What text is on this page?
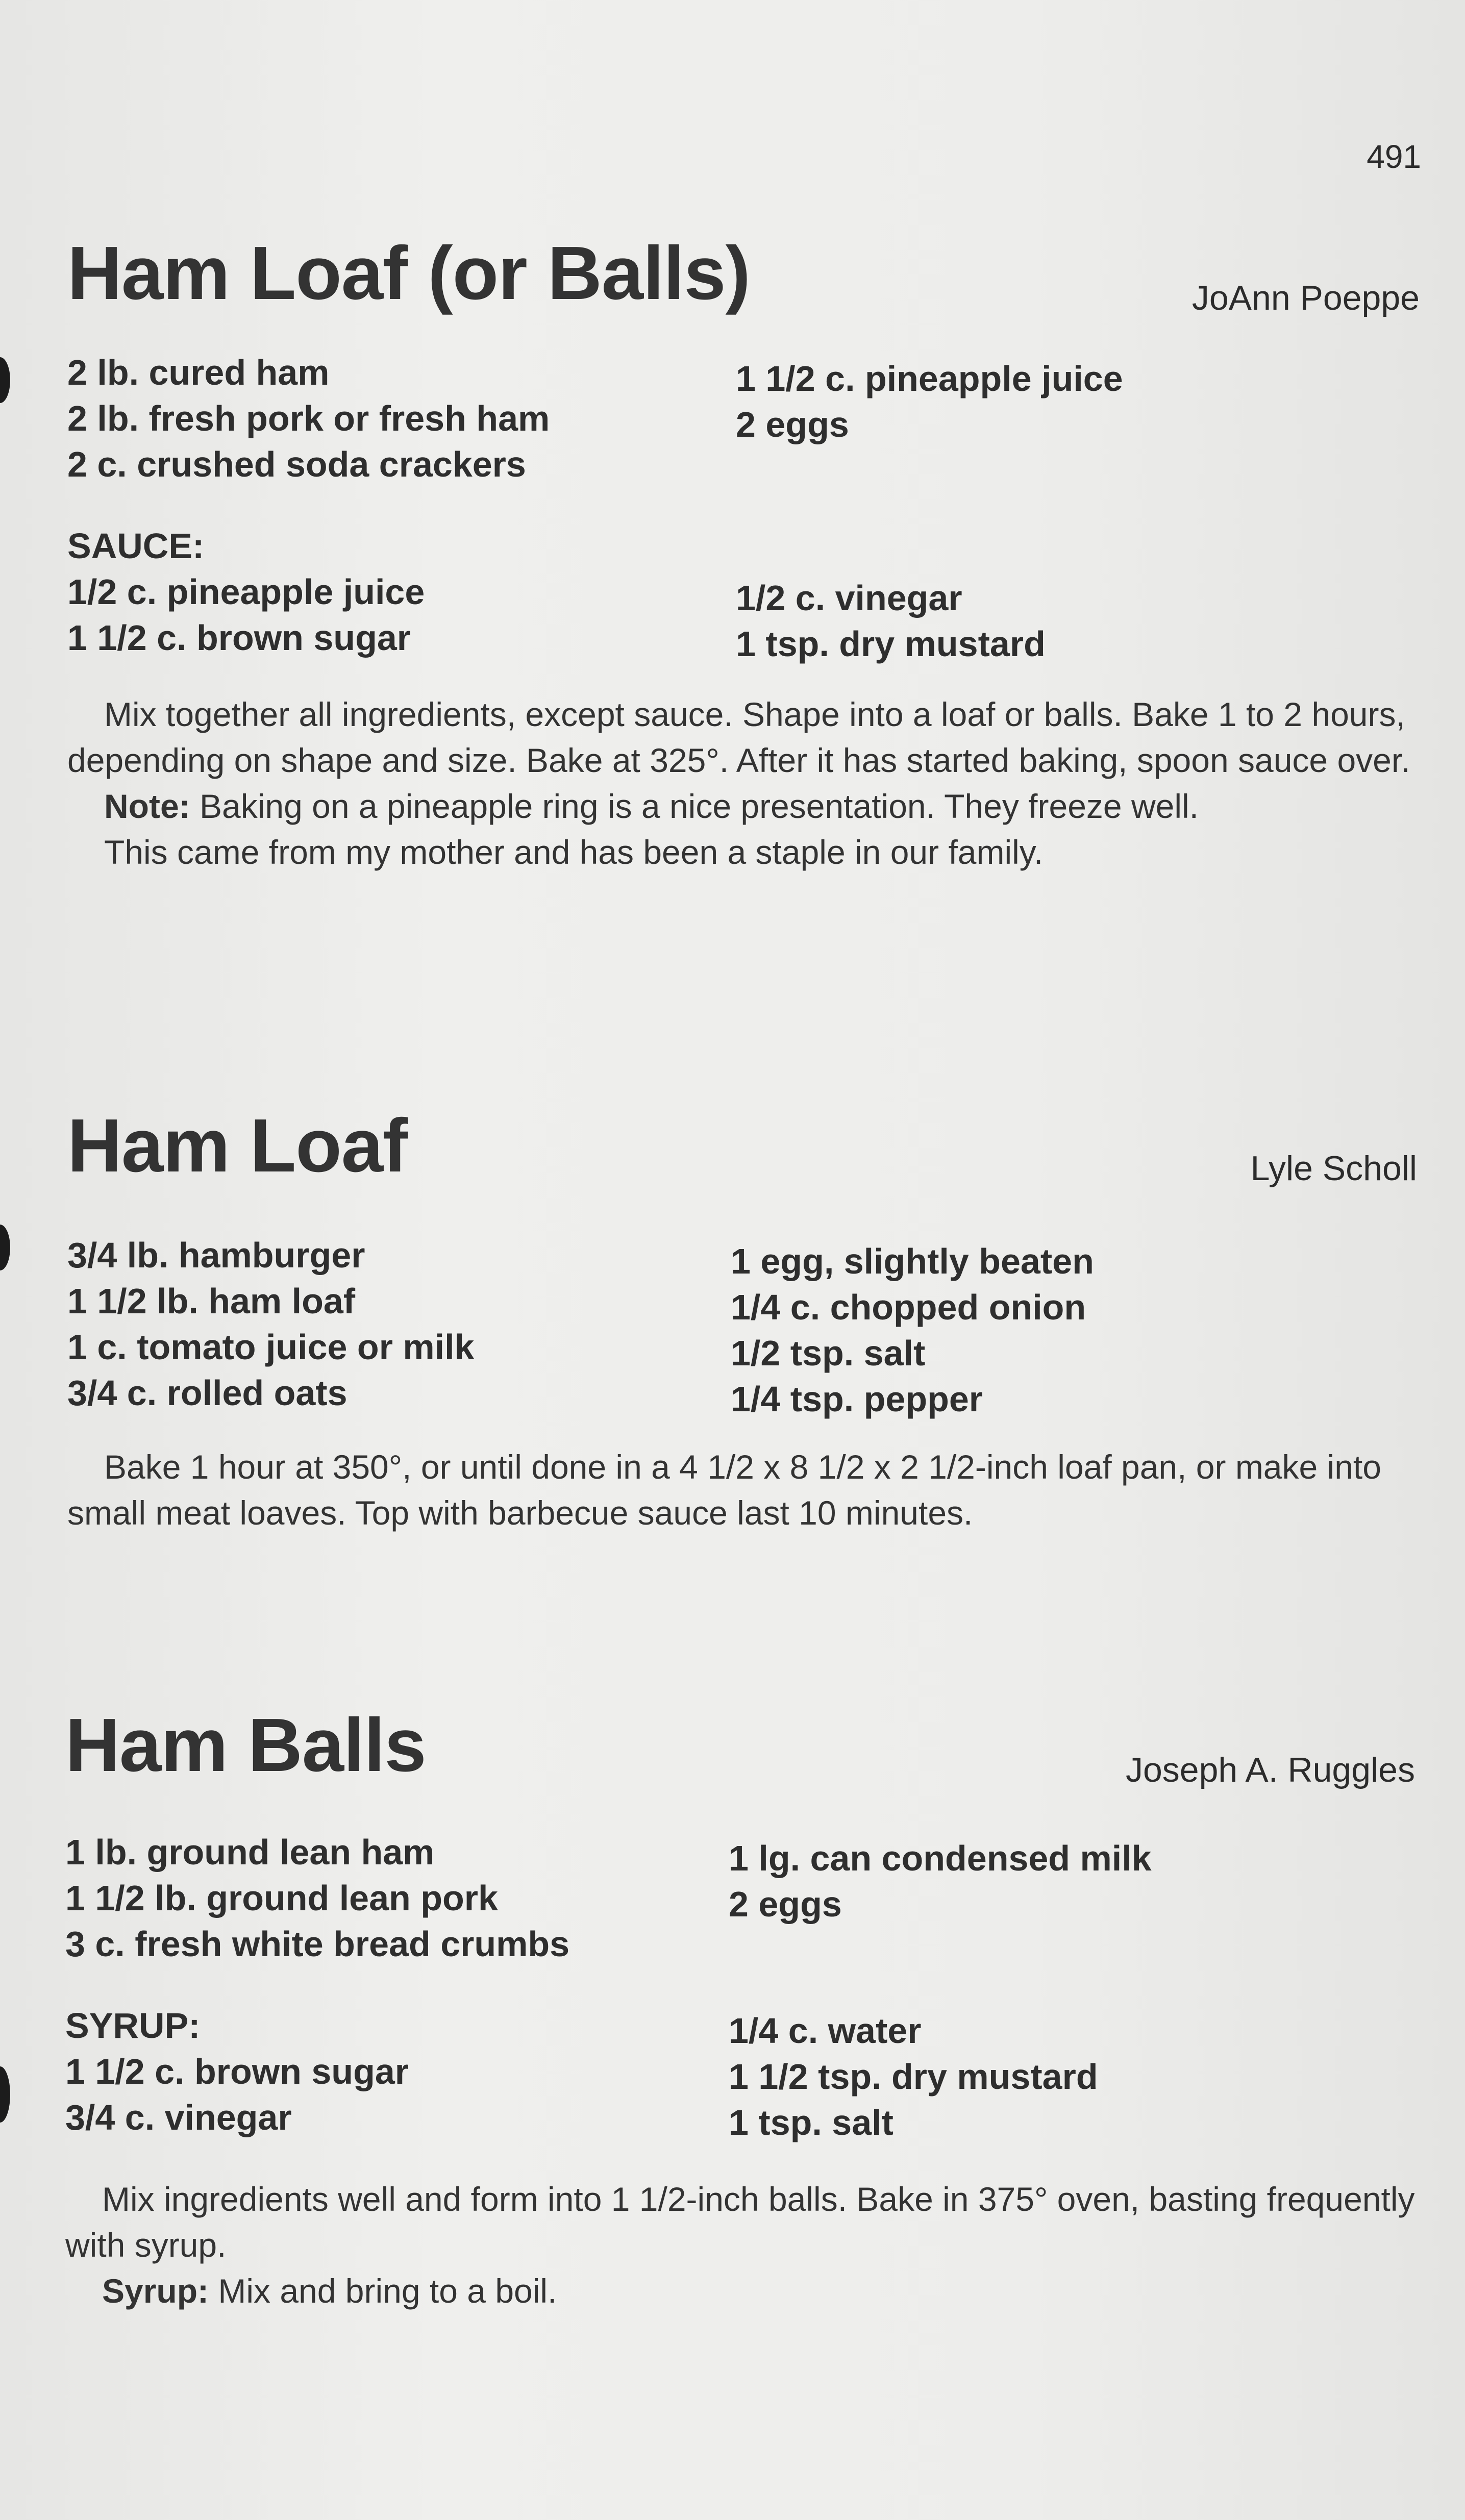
491
Ham Loaf (or Balls)	JoAnn Poeppe
2 lb. cured ham
2 lb. fresh pork or fresh ham
2 c. crushed soda crackers
1 1/2 c. pineapple juice
2 eggs
SAUCE:
1/2 c. pineapple juice
1 1/2 c. brown sugar
1/2 c. vinegar
1 tsp. dry mustard

Mix together all ingredients, except sauce. Shape into a loaf or balls. Bake 1 to 2 hours, depending on shape and size. Bake at 325°. After it has started baking, spoon sauce over.

Note: Baking on a pineapple ring is a nice presentation. They freeze well.
This came from my mother and has been a staple in our family.
Ham Loaf	Lyle Scholl
3/4 lb. hamburger
1 1/2 lb. ham loaf
1 c. tomato juice or milk
3/4 c. rolled oats
1 egg, slightly beaten
1/4 c. chopped onion
1/2 tsp. salt
1/4 tsp. pepper

Bake 1 hour at 350°, or until done in a 4 1/2 x 8 1/2 x 2 1/2-inch loaf pan, or make into small meat loaves. Top with barbecue sauce last 10 minutes.

Ham Balls	Joseph A. Ruggles
1 lb. ground lean ham
1 1/2 lb. ground lean pork
3 c. fresh white bread crumbs
1 lg. can condensed milk
2 eggs
SYRUP:
1 1/2 c. brown sugar
3/4 c. vinegar
1/4 c. water
1 1/2 tsp. dry mustard
1 tsp. salt

Mix ingredients well and form into 1 1/2-inch balls. Bake in 375° oven, basting frequently with syrup.

Syrup: Mix and bring to a boil.
